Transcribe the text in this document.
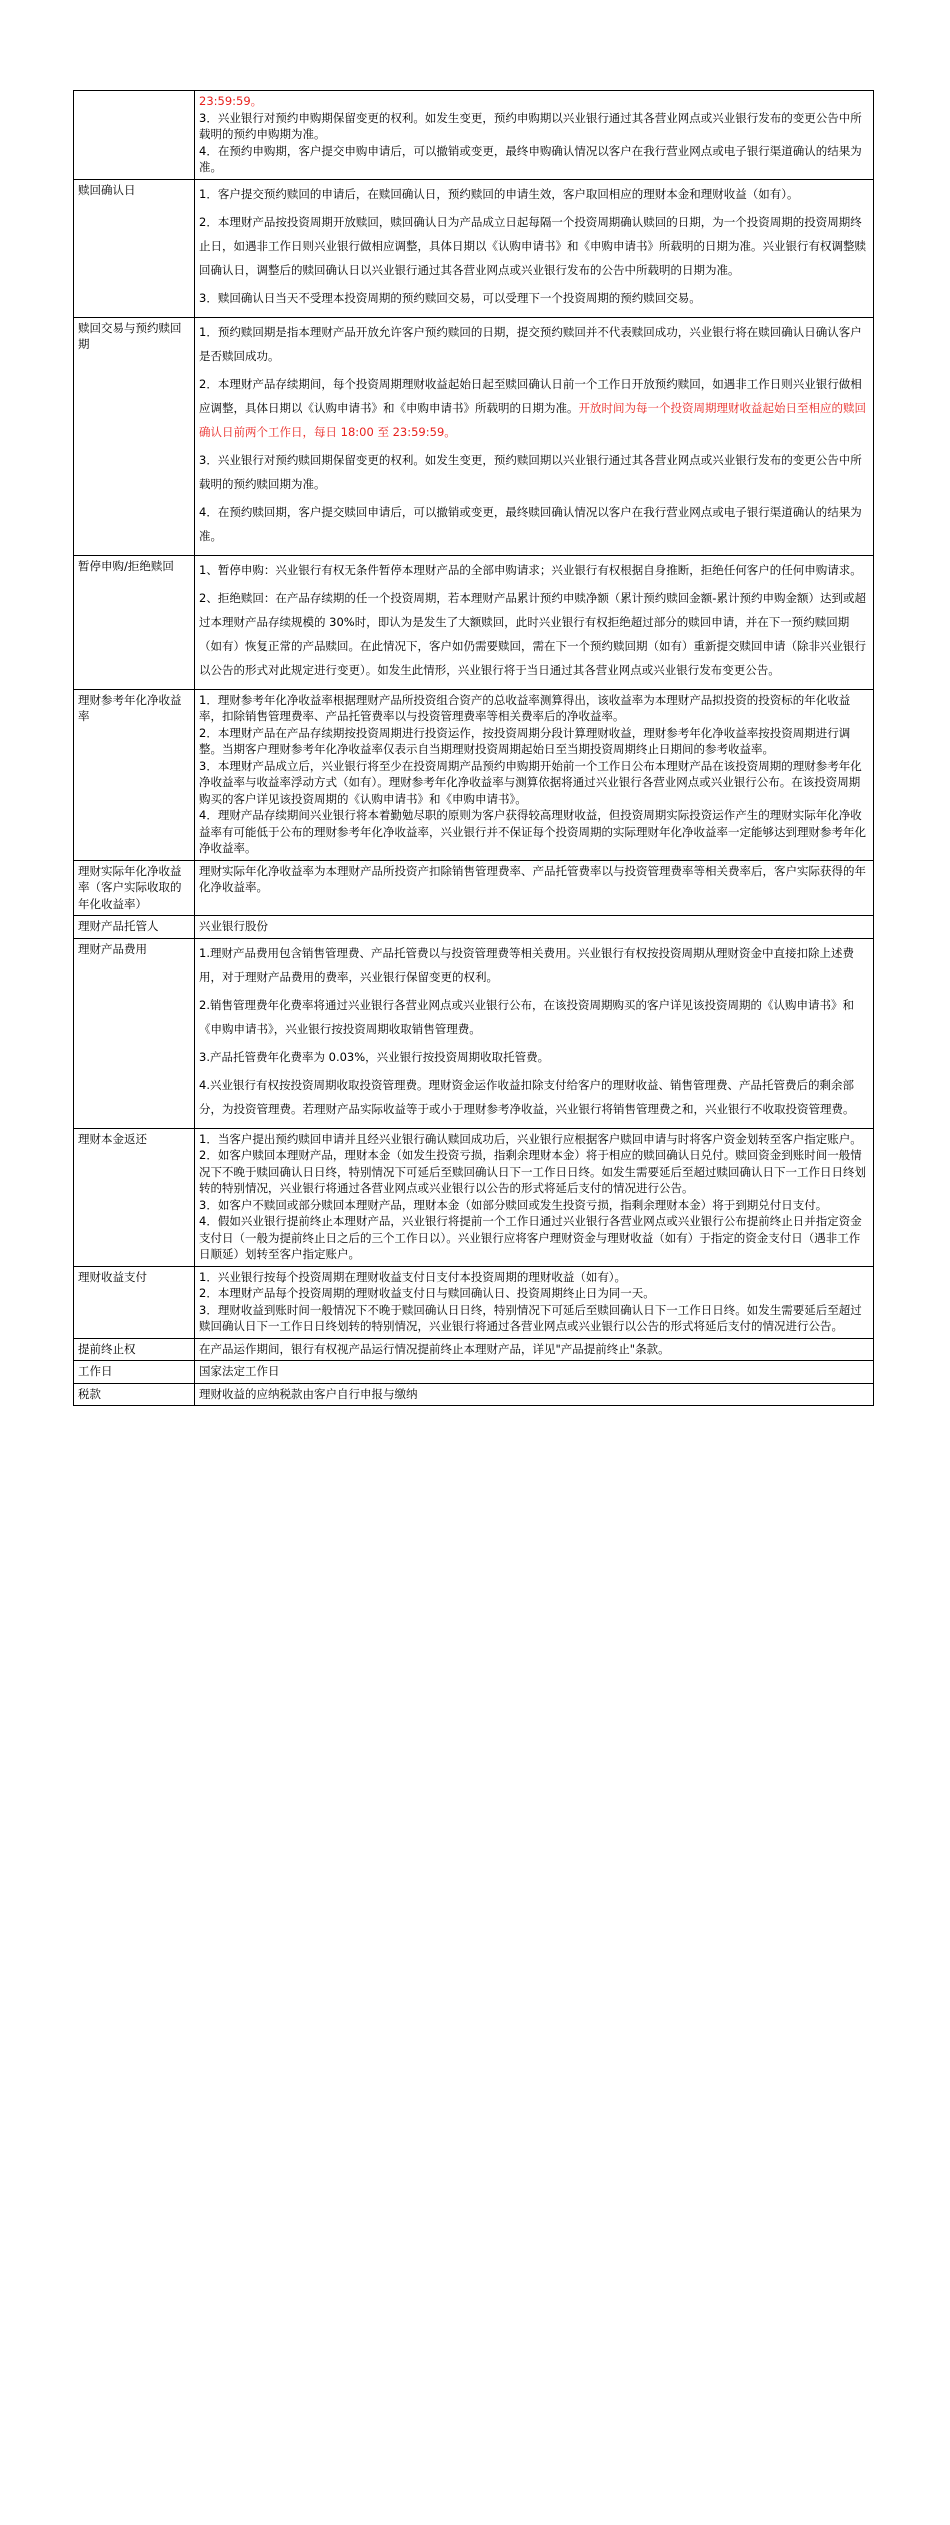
	23:59:59。

3．兴业银行对预约申购期保留变更的权利。如发生变更，预约申购期以兴业银行通过其各营业网点或兴业银行发布的变更公告中所载明的预约申购期为准。

4．在预约申购期，客户提交申购申请后，可以撤销或变更，最终申购确认情况以客户在我行营业网点或电子银行渠道确认的结果为准。

赎回确认日	1．客户提交预约赎回的申请后，在赎回确认日，预约赎回的申请生效，客户取回相应的理财本金和理财收益（如有）。

2．本理财产品按投资周期开放赎回，赎回确认日为产品成立日起每隔一个投资周期确认赎回的日期，为一个投资周期的投资周期终止日，如遇非工作日则兴业银行做相应调整，具体日期以《认购申请书》和《申购申请书》所载明的日期为准。兴业银行有权调整赎回确认日，调整后的赎回确认日以兴业银行通过其各营业网点或兴业银行发布的公告中所载明的日期为准。

3．赎回确认日当天不受理本投资周期的预约赎回交易，可以受理下一个投资周期的预约赎回交易。

赎回交易与预约赎回期	1．预约赎回期是指本理财产品开放允许客户预约赎回的日期，提交预约赎回并不代表赎回成功，兴业银行将在赎回确认日确认客户是否赎回成功。

2．本理财产品存续期间，每个投资周期理财收益起始日起至赎回确认日前一个工作日开放预约赎回，如遇非工作日则兴业银行做相应调整，具体日期以《认购申请书》和《申购申请书》所载明的日期为准。开放时间为每一个投资周期理财收益起始日至相应的赎回确认日前两个工作日，每日 18:00 至 23:59:59。

3．兴业银行对预约赎回期保留变更的权利。如发生变更，预约赎回期以兴业银行通过其各营业网点或兴业银行发布的变更公告中所载明的预约赎回期为准。

4．在预约赎回期，客户提交赎回申请后，可以撤销或变更，最终赎回确认情况以客户在我行营业网点或电子银行渠道确认的结果为准。

暂停申购/拒绝赎回	1、暂停申购：兴业银行有权无条件暂停本理财产品的全部申购请求；兴业银行有权根据自身推断，拒绝任何客户的任何申购请求。

2、拒绝赎回：在产品存续期的任一个投资周期，若本理财产品累计预约申赎净额（累计预约赎回金额-累计预约申购金额）达到或超过本理财产品存续规模的 30%时，即认为是发生了大额赎回，此时兴业银行有权拒绝超过部分的赎回申请，并在下一预约赎回期（如有）恢复正常的产品赎回。在此情况下，客户如仍需要赎回，需在下一个预约赎回期（如有）重新提交赎回申请（除非兴业银行以公告的形式对此规定进行变更）。如发生此情形，兴业银行将于当日通过其各营业网点或兴业银行发布变更公告。

理财参考年化净收益率	1．理财参考年化净收益率根据理财产品所投资组合资产的总收益率测算得出，该收益率为本理财产品拟投资的投资标的年化收益率，扣除销售管理费率、产品托管费率以与投资管理费率等相关费率后的净收益率。

2．本理财产品在产品存续期按投资周期进行投资运作，按投资周期分段计算理财收益，理财参考年化净收益率按投资周期进行调整。当期客户理财参考年化净收益率仅表示自当期理财投资周期起始日至当期投资周期终止日期间的参考收益率。

3．本理财产品成立后，兴业银行将至少在投资周期产品预约申购期开始前一个工作日公布本理财产品在该投资周期的理财参考年化净收益率与收益率浮动方式（如有）。理财参考年化净收益率与测算依据将通过兴业银行各营业网点或兴业银行公布。在该投资周期购买的客户详见该投资周期的《认购申请书》和《申购申请书》。

4．理财产品存续期间兴业银行将本着勤勉尽职的原则为客户获得较高理财收益，但投资周期实际投资运作产生的理财实际年化净收益率有可能低于公布的理财参考年化净收益率，兴业银行并不保证每个投资周期的实际理财年化净收益率一定能够达到理财参考年化净收益率。

理财实际年化净收益率（客户实际收取的年化收益率）	理财实际年化净收益率为本理财产品所投资产扣除销售管理费率、产品托管费率以与投资管理费率等相关费率后，客户实际获得的年化净收益率。

理财产品托管人	兴业银行股份

理财产品费用	1.理财产品费用包含销售管理费、产品托管费以与投资管理费等相关费用。兴业银行有权按投资周期从理财资金中直接扣除上述费用，对于理财产品费用的费率，兴业银行保留变更的权利。

2.销售管理费年化费率将通过兴业银行各营业网点或兴业银行公布，在该投资周期购买的客户详见该投资周期的《认购申请书》和《申购申请书》，兴业银行按投资周期收取销售管理费。

3.产品托管费年化费率为 0.03%，兴业银行按投资周期收取托管费。

4.兴业银行有权按投资周期收取投资管理费。理财资金运作收益扣除支付给客户的理财收益、销售管理费、产品托管费后的剩余部分，为投资管理费。若理财产品实际收益等于或小于理财参考净收益，兴业银行将销售管理费之和，兴业银行不收取投资管理费。

理财本金返还	1．当客户提出预约赎回申请并且经兴业银行确认赎回成功后，兴业银行应根据客户赎回申请与时将客户资金划转至客户指定账户。

2．如客户赎回本理财产品，理财本金（如发生投资亏损，指剩余理财本金）将于相应的赎回确认日兑付。赎回资金到账时间一般情况下不晚于赎回确认日日终，特别情况下可延后至赎回确认日下一工作日日终。如发生需要延后至超过赎回确认日下一工作日日终划转的特别情况，兴业银行将通过各营业网点或兴业银行以公告的形式将延后支付的情况进行公告。

3．如客户不赎回或部分赎回本理财产品，理财本金（如部分赎回或发生投资亏损，指剩余理财本金）将于到期兑付日支付。

4．假如兴业银行提前终止本理财产品，兴业银行将提前一个工作日通过兴业银行各营业网点或兴业银行公布提前终止日并指定资金支付日（一般为提前终止日之后的三个工作日以）。兴业银行应将客户理财资金与理财收益（如有）于指定的资金支付日（遇非工作日顺延）划转至客户指定账户。

理财收益支付	1．兴业银行按每个投资周期在理财收益支付日支付本投资周期的理财收益（如有）。

2．本理财产品每个投资周期的理财收益支付日与赎回确认日、投资周期终止日为同一天。

3．理财收益到账时间一般情况下不晚于赎回确认日日终，特别情况下可延后至赎回确认日下一工作日日终。如发生需要延后至超过赎回确认日下一工作日日终划转的特别情况，兴业银行将通过各营业网点或兴业银行以公告的形式将延后支付的情况进行公告。

提前终止权	在产品运作期间，银行有权视产品运行情况提前终止本理财产品，详见"产品提前终止"条款。

工作日	国家法定工作日

税款	理财收益的应纳税款由客户自行申报与缴纳
